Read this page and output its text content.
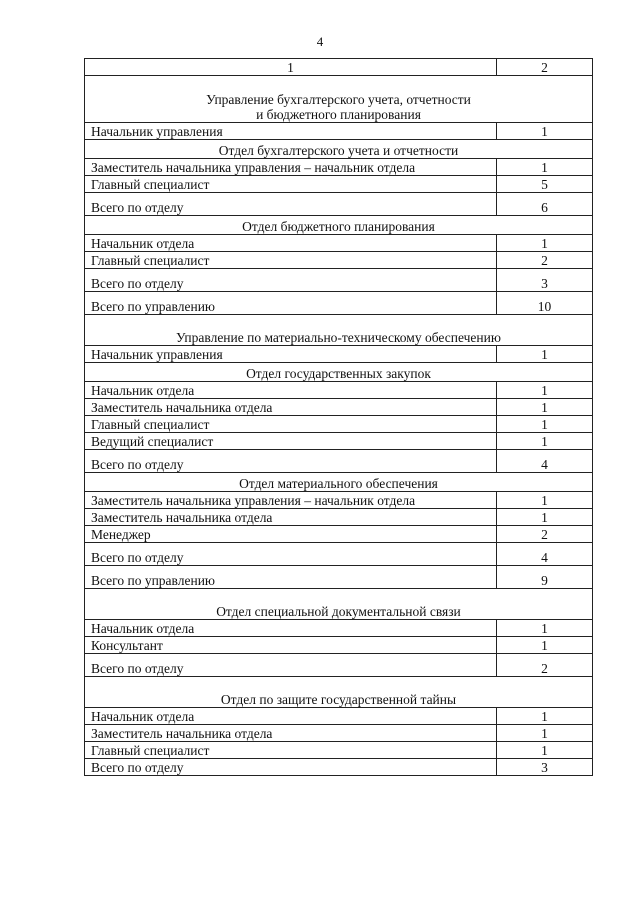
4
1	2
Управление бухгалтерского учета, отчетности
и бюджетного планирования	
Начальник управления	1
Отдел бухгалтерского учета и отчетности	
Заместитель начальника управления – начальник отдела	1
Главный специалист	5
Всего по отделу	6
Отдел бюджетного планирования	
Начальник отдела	1
Главный специалист	2
Всего по отделу	3
Всего по управлению	10
Управление по материально-техническому обеспечению	
Начальник управления	1
Отдел государственных закупок	
Начальник отдела	1
Заместитель начальника отдела	1
Главный специалист	1
Ведущий специалист	1
Всего по отделу	4
Отдел материального обеспечения	
Заместитель начальника управления – начальник отдела	1
Заместитель начальника отдела	1
Менеджер	2
Всего по отделу	4
Всего по управлению	9
Отдел специальной документальной связи	
Начальник отдела	1
Консультант	1
Всего по отделу	2
Отдел по защите государственной тайны	
Начальник отдела	1
Заместитель начальника отдела	1
Главный специалист	1
Всего по отделу	3
